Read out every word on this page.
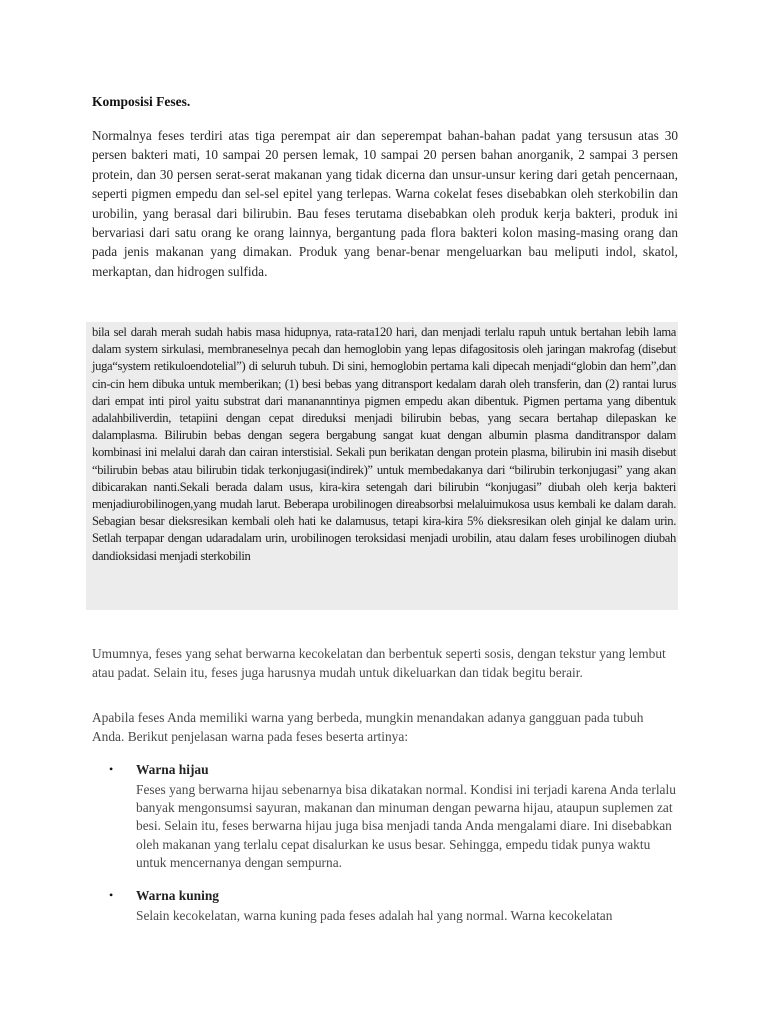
Komposisi Feses.
Normalnya feses terdiri atas tiga perempat air dan seperempat bahan-bahan padat yang tersusun atas 30 persen bakteri mati, 10 sampai 20 persen lemak, 10 sampai 20 persen bahan anorganik, 2 sampai 3 persen protein, dan 30 persen serat-serat makanan yang tidak dicerna dan unsur-unsur kering dari getah pencernaan, seperti pigmen empedu dan sel-sel epitel yang terlepas. Warna cokelat feses disebabkan oleh sterkobilin dan urobilin, yang berasal dari bilirubin. Bau feses terutama disebabkan oleh produk kerja bakteri, produk ini bervariasi dari satu orang ke orang lainnya, bergantung pada flora bakteri kolon masing-masing orang dan pada jenis makanan yang dimakan. Produk yang benar-benar mengeluarkan bau meliputi indol, skatol, merkaptan, dan hidrogen sulfida.
bila sel darah merah sudah habis masa hidupnya, rata-rata120 hari, dan menjadi terlalu rapuh untuk bertahan lebih lama dalam system sirkulasi, membraneselnya pecah dan hemoglobin yang lepas difagositosis oleh jaringan makrofag (disebut juga“system retikuloendotelial”) di seluruh tubuh. Di sini, hemoglobin pertama kali dipecah menjadi“globin dan hem”,dan cin-cin hem dibuka untuk memberikan; (1) besi bebas yang ditransport kedalam darah oleh transferin, dan (2) rantai lurus dari empat inti pirol yaitu substrat dari manananntinya pigmen empedu akan dibentuk. Pigmen pertama yang dibentuk adalahbiliverdin, tetapiini dengan cepat direduksi menjadi bilirubin bebas, yang secara bertahap dilepaskan ke dalamplasma. Bilirubin bebas dengan segera bergabung sangat kuat dengan albumin plasma danditranspor dalam kombinasi ini melalui darah dan cairan interstisial. Sekali pun berikatan dengan protein plasma, bilirubin ini masih disebut “bilirubin bebas atau bilirubin tidak terkonjugasi(indirek)” untuk membedakanya dari “bilirubin terkonjugasi” yang akan dibicarakan nanti.Sekali berada dalam usus, kira-kira setengah dari bilirubin “konjugasi” diubah oleh kerja bakteri menjadiurobilinogen,yang mudah larut. Beberapa urobilinogen direabsorbsi melaluimukosa usus kembali ke dalam darah. Sebagian besar dieksresikan kembali oleh hati ke dalamusus, tetapi kira-kira 5% dieksresikan oleh ginjal ke dalam urin. Setlah terpapar dengan udaradalam urin, urobilinogen teroksidasi menjadi urobilin, atau dalam feses urobilinogen diubah dandioksidasi menjadi sterkobilin
Umumnya, feses yang sehat berwarna kecokelatan dan berbentuk seperti sosis, dengan tekstur yang lembut atau padat. Selain itu, feses juga harusnya mudah untuk dikeluarkan dan tidak begitu berair.
Apabila feses Anda memiliki warna yang berbeda, mungkin menandakan adanya gangguan pada tubuh Anda. Berikut penjelasan warna pada feses beserta artinya:
• Warna hijau
Feses yang berwarna hijau sebenarnya bisa dikatakan normal. Kondisi ini terjadi karena Anda terlalu banyak mengonsumsi sayuran, makanan dan minuman dengan pewarna hijau, ataupun suplemen zat besi. Selain itu, feses berwarna hijau juga bisa menjadi tanda Anda mengalami diare. Ini disebabkan oleh makanan yang terlalu cepat disalurkan ke usus besar. Sehingga, empedu tidak punya waktu untuk mencernanya dengan sempurna.
• Warna kuning
Selain kecokelatan, warna kuning pada feses adalah hal yang normal. Warna kecokelatan
